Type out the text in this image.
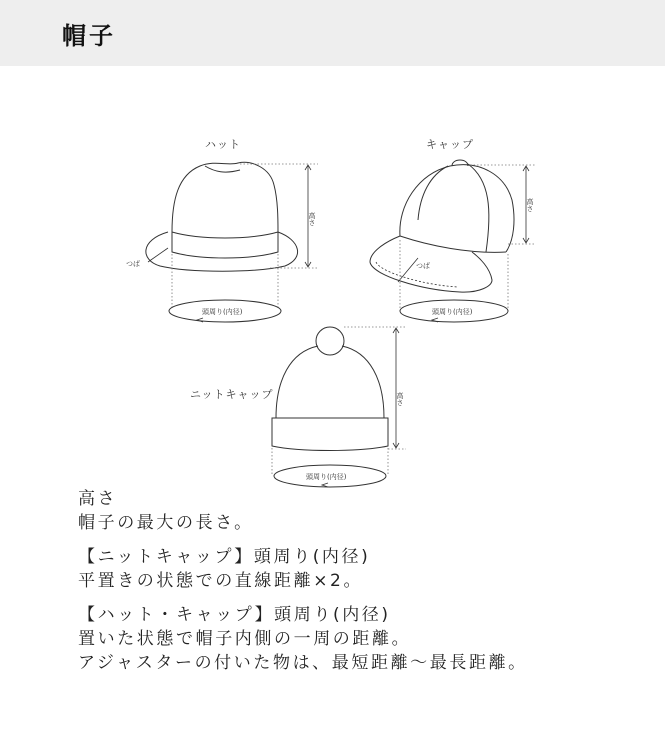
帽子
ハット
高さ
つば
頭周り(内径)
キャップ
高さ
つば
頭周り(内径)
ニットキャップ	高さ
頭周り(内径)
高さ
帽子の最大の長さ。
【ニットキャップ】頭周り(内径)
平置きの状態での直線距離×2。
【ハット・キャップ】頭周り(内径)
置いた状態で帽子内側の一周の距離。
アジャスターの付いた物は、最短距離～最長距離。
